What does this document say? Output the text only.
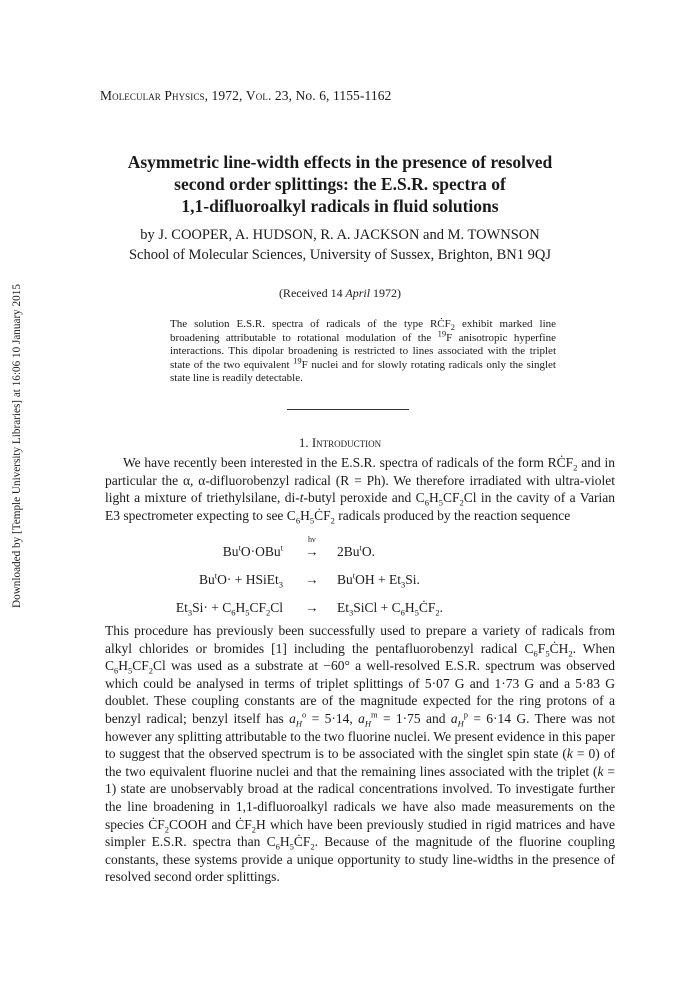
Downloaded by [Temple University Libraries] at 16:06 10 January 2015
Molecular Physics, 1972, Vol. 23, No. 6, 1155-1162
Asymmetric line-width effects in the presence of resolved
second order splittings: the E.S.R. spectra of
1,1-difluoroalkyl radicals in fluid solutions
by J. COOPER, A. HUDSON, R. A. JACKSON and M. TOWNSON
School of Molecular Sciences, University of Sussex, Brighton, BN1 9QJ
(Received 14 April 1972)
The solution E.S.R. spectra of radicals of the type $RĊF_2$ exhibit marked line broadening attributable to rotational modulation of the $^{19}$F anisotropic hyperfine interactions. This dipolar broadening is restricted to lines associated with the triplet state of the two equivalent $^{19}$F nuclei and for slowly rotating radicals only the singlet state line is readily detectable.
1. Introduction
We have recently been interested in the E.S.R. spectra of radicals of the form $RĊF_2$ and in particular the α, α-difluorobenzyl radical (R = Ph). We therefore irradiated with ultra-violet light a mixture of triethylsilane, di-t-butyl peroxide and $C_6H_5CF_2Cl$ in the cavity of a Varian E3 spectrometer expecting to see $C_6H_5ĊF_2$ radicals produced by the reaction sequence
hν
$Bu^tO\cdot OBu^t \to 2Bu^tO$.
$Bu^tO\cdot$ + HSiEt$_3$ → $Bu^tOH + Et_3Si$.
$Et_3Si\cdot + C_6H_5CF_2Cl$ → $Et_3SiCl$ + $C_6H_5ĊF_2$.
This procedure has previously been successfully used to prepare a variety of radicals from alkyl chlorides or bromides [1] including the pentafluorobenzyl radical $C_6F_5ĊH_2$. When $C_6H_5CF_2Cl$ was used as a substrate at −60° a well-resolved E.S.R. spectrum was observed which could be analysed in terms of triplet splittings of 5·07 G and 1·73 G and a 5·83 G doublet. These coupling constants are of the magnitude expected for the ring protons of a benzyl radical; benzyl itself has $a_H^o = 5\cdot 14$, $a_H^m = 1\cdot 75$ and $a_H^p = 6\cdot 14$ G. There was not however any splitting attributable to the two fluorine nuclei. We present evidence in this paper to suggest that the observed spectrum is to be associated with the singlet spin state (k = 0) of the two equivalent fluorine nuclei and that the remaining lines associated with the triplet (k = 1) state are unobservably broad at the radical concentrations involved. To investigate further the line broadening in 1,1-difluoroalkyl radicals we have also made measurements on the species $ĊF_2COOH$ and $ĊF_2H$ which have been previously studied in rigid matrices and have simpler E.S.R. spectra than $C_6H_5ĊF_2$. Because of the magnitude of the fluorine coupling constants, these systems provide a unique opportunity to study line-widths in the presence of resolved second order splittings.
